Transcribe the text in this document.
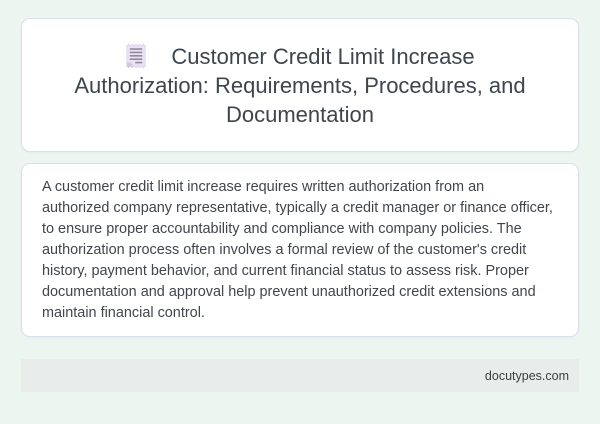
Customer Credit Limit Increase Authorization: Requirements, Procedures, and Documentation

A customer credit limit increase requires written authorization from an authorized company representative, typically a credit manager or finance officer, to ensure proper accountability and compliance with company policies. The authorization process often involves a formal review of the customer's credit history, payment behavior, and current financial status to assess risk. Proper documentation and approval help prevent unauthorized credit extensions and maintain financial control.

docutypes.com
